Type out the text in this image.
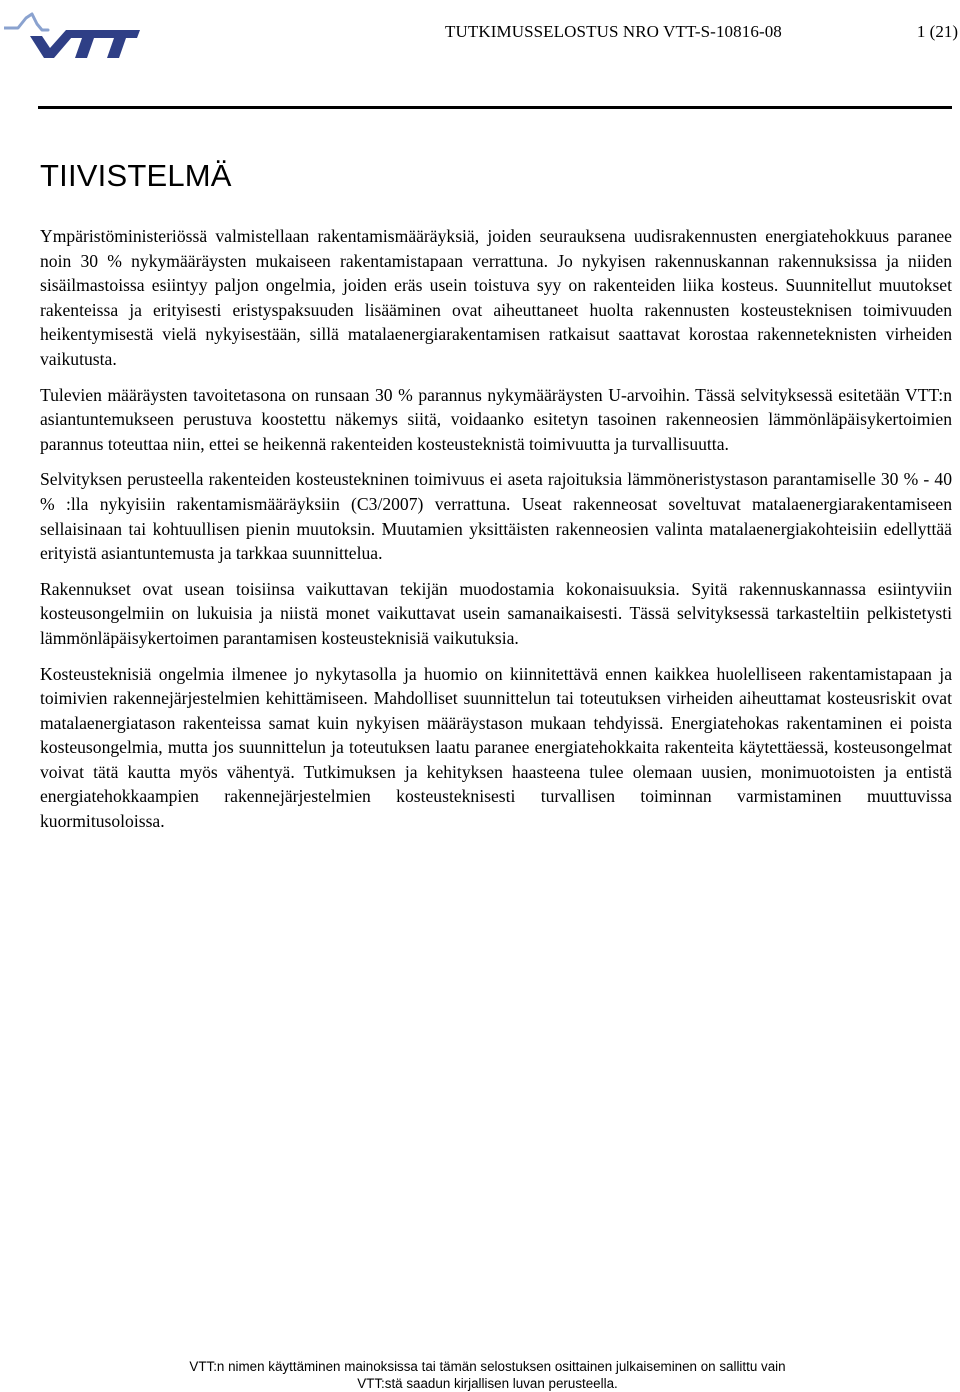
TUTKIMUSSELOSTUS NRO VTT-S-10816-08	1 (21)
TIIVISTELMÄ

Ympäristöministeriössä valmistellaan rakentamismääräyksiä, joiden seurauksena uudisrakennusten energiatehokkuus paranee noin 30 % nykymääräysten mukaiseen rakentamistapaan verrattuna. Jo nykyisen rakennuskannan rakennuksissa ja niiden sisäilmastoissa esiintyy paljon ongelmia, joiden eräs usein toistuva syy on rakenteiden liika kosteus. Suunnitellut muutokset rakenteissa ja erityisesti eristyspaksuuden lisääminen ovat aiheuttaneet huolta rakennusten kosteusteknisen toimivuuden heikentymisestä vielä nykyisestään, sillä matalaenergiarakentamisen ratkaisut saattavat korostaa rakenneteknisten virheiden vaikutusta.

Tulevien määräysten tavoitetasona on runsaan 30 % parannus nykymääräysten U-arvoihin. Tässä selvityksessä esitetään VTT:n asiantuntemukseen perustuva koostettu näkemys siitä, voidaanko esitetyn tasoinen rakenneosien lämmönläpäisykertoimien parannus toteuttaa niin, ettei se heikennä rakenteiden kosteusteknistä toimivuutta ja turvallisuutta.

Selvityksen perusteella rakenteiden kosteustekninen toimivuus ei aseta rajoituksia lämmöneristystason parantamiselle 30 % - 40 % :lla nykyisiin rakentamismääräyksiin (C3/2007) verrattuna. Useat rakenneosat soveltuvat matalaenergiarakentamiseen sellaisinaan tai kohtuullisen pienin muutoksin. Muutamien yksittäisten rakenneosien valinta matalaenergiakohteisiin edellyttää erityistä asiantuntemusta ja tarkkaa suunnittelua.

Rakennukset ovat usean toisiinsa vaikuttavan tekijän muodostamia kokonaisuuksia. Syitä rakennuskannassa esiintyviin kosteusongelmiin on lukuisia ja niistä monet vaikuttavat usein samanaikaisesti. Tässä selvityksessä tarkasteltiin pelkistetysti lämmönläpäisykertoimen parantamisen kosteusteknisiä vaikutuksia.

Kosteusteknisiä ongelmia ilmenee jo nykytasolla ja huomio on kiinnitettävä ennen kaikkea huolelliseen rakentamistapaan ja toimivien rakennejärjestelmien kehittämiseen. Mahdolliset suunnittelun tai toteutuksen virheiden aiheuttamat kosteusriskit ovat matalaenergiatason rakenteissa samat kuin nykyisen määräystason mukaan tehdyissä. Energiatehokas rakentaminen ei poista kosteusongelmia, mutta jos suunnittelun ja toteutuksen laatu paranee energiatehokkaita rakenteita käytettäessä, kosteusongelmat voivat tätä kautta myös vähentyä. Tutkimuksen ja kehityksen haasteena tulee olemaan uusien, monimuotoisten ja entistä energiatehokkaampien rakennejärjestelmien kosteusteknisesti turvallisen toiminnan varmistaminen muuttuvissa kuormitusoloissa.

VTT:n nimen käyttäminen mainoksissa tai tämän selostuksen osittainen julkaiseminen on sallittu vain
VTT:stä saadun kirjallisen luvan perusteella.
